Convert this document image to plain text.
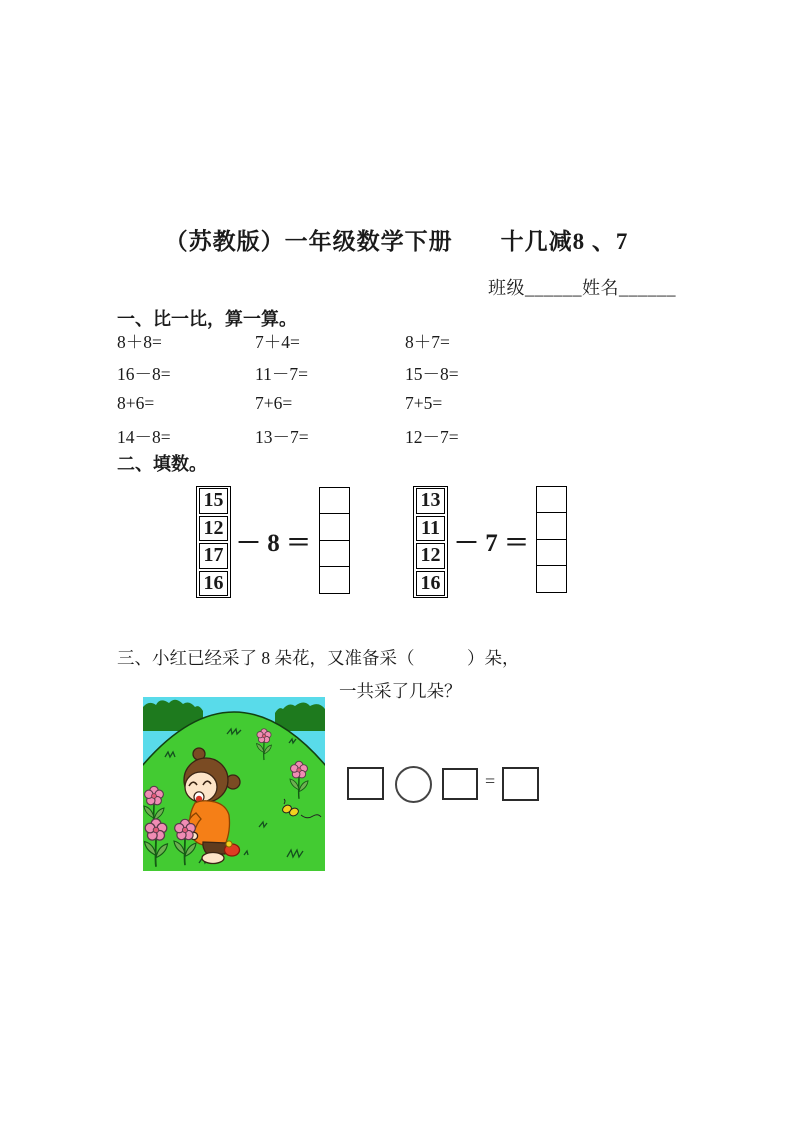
（苏教版）一年级数学下册　　十几减8 、7
班级______姓名______
一、比一比，算一算。
8＋8=	7＋4=	8＋7=
16－8=	11－7=	15－8=
8+6=	7+6=	7+5=
14－8=	13－7=	12－7=
二、填数。
15
12
17
16
－ 8 ＝
13
11
12
16
－ 7 ＝
三、小红已经采了 8 朵花，又准备采（　　　）朵，
一共采了几朵？
=
